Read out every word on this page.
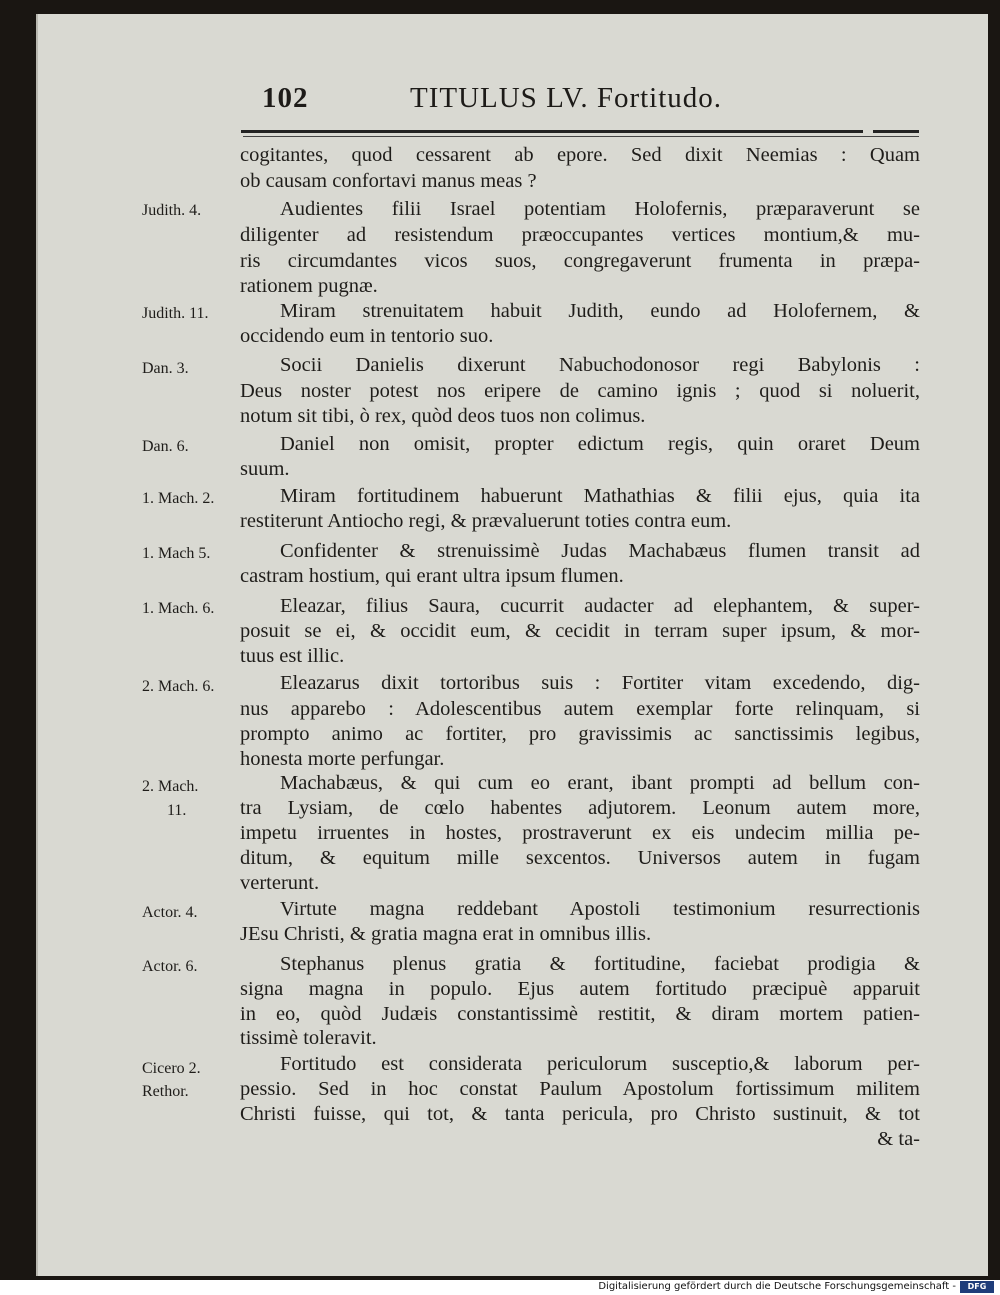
102	TITULUS LV. Fortitudo.
Judith. 4.
Judith. 11.
Dan. 3.
Dan. 6.
1. Mach. 2.
1. Mach 5.
1. Mach. 6.
2. Mach. 6.
2. Mach.
11.
Actor. 4.
Actor. 6.
Cicero 2.
Rethor.
cogitantes, quod cessarent ab epore. Sed dixit Neemias : Quam
ob causam confortavi manus meas ?
Audientes filii Israel potentiam Holofernis, præparaverunt se
diligenter ad resistendum præoccupantes vertices montium,& mu-
ris circumdantes vicos suos, congregaverunt frumenta in præpa-
rationem pugnæ.
Miram strenuitatem habuit Judith, eundo ad Holofernem, &
occidendo eum in tentorio suo.
Socii Danielis dixerunt Nabuchodonosor regi Babylonis :
Deus noster potest nos eripere de camino ignis ; quod si noluerit,
notum sit tibi, ò rex, quòd deos tuos non colimus.
Daniel non omisit, propter edictum regis, quin oraret Deum
suum.
Miram fortitudinem habuerunt Mathathias & filii ejus, quia ita
restiterunt Antiocho regi, & prævaluerunt toties contra eum.
Confidenter & strenuissimè Judas Machabæus flumen transit ad
castram hostium, qui erant ultra ipsum flumen.
Eleazar, filius Saura, cucurrit audacter ad elephantem, & super-
posuit se ei, & occidit eum, & cecidit in terram super ipsum, & mor-
tuus est illic.
Eleazarus dixit tortoribus suis : Fortiter vitam excedendo, dig-
nus apparebo : Adolescentibus autem exemplar forte relinquam, si
prompto animo ac fortiter, pro gravissimis ac sanctissimis legibus,
honesta morte perfungar.
Machabæus, & qui cum eo erant, ibant prompti ad bellum con-
tra Lysiam, de cœlo habentes adjutorem. Leonum autem more,
impetu irruentes in hostes, prostraverunt ex eis undecim millia pe-
ditum, & equitum mille sexcentos. Universos autem in fugam
verterunt.
Virtute magna reddebant Apostoli testimonium resurrectionis
JEsu Christi, & gratia magna erat in omnibus illis.
Stephanus plenus gratia & fortitudine, faciebat prodigia &
signa magna in populo. Ejus autem fortitudo præcipuè apparuit
in eo, quòd Judæis constantissimè restitit, & diram mortem patien-
tissimè toleravit.
Fortitudo est considerata periculorum susceptio,& laborum per-
pessio. Sed in hoc constat Paulum Apostolum fortissimum militem
Christi fuisse, qui tot, & tanta pericula, pro Christo sustinuit, & tot
& ta-
Digitalisierung gefördert durch die Deutsche Forschungsgemeinschaft -	DFG
